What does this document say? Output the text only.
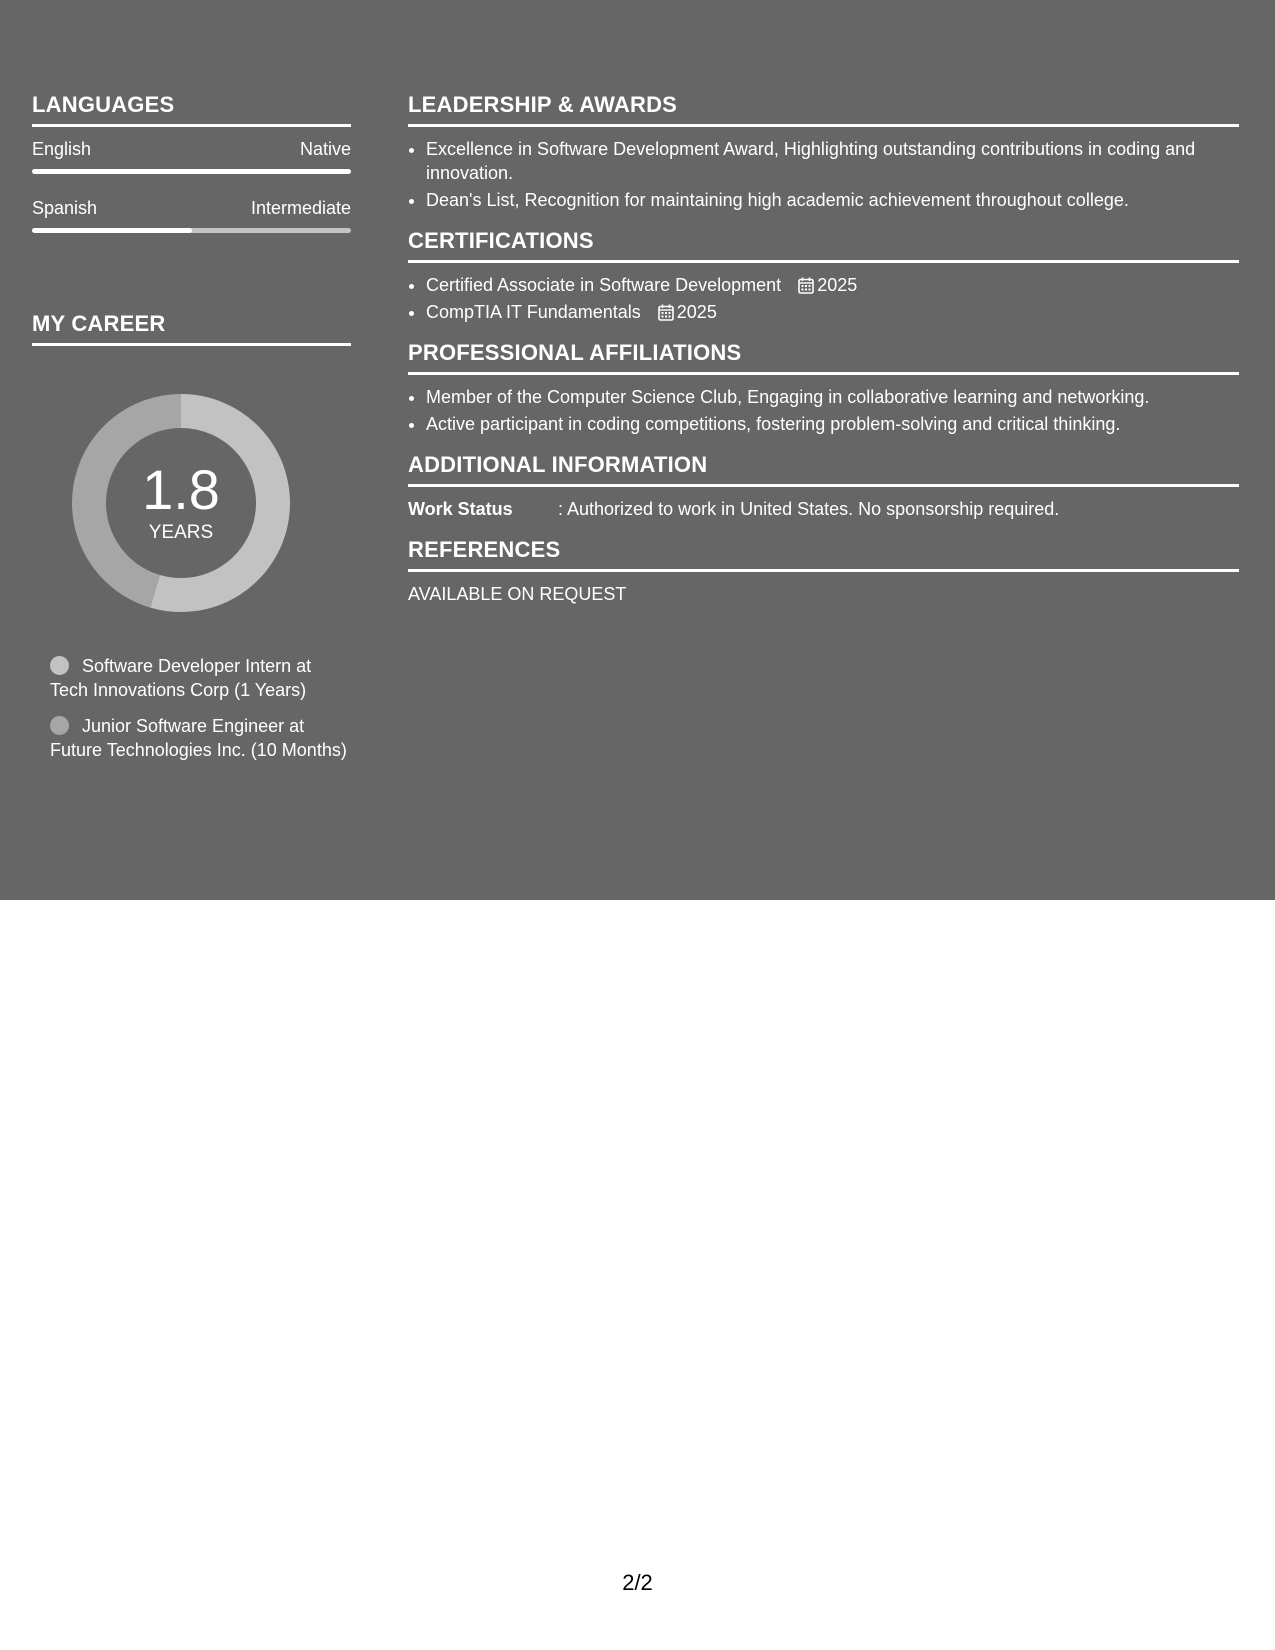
LANGUAGES
English	Native
Spanish	Intermediate
MY CAREER
1.8
YEARS
Software Developer Intern at Tech Innovations Corp (1 Years)
Junior Software Engineer at Future Technologies Inc. (10 Months)
LEADERSHIP & AWARDS
• Excellence in Software Development Award, Highlighting outstanding contributions in coding and innovation.
• Dean's List, Recognition for maintaining high academic achievement throughout college.
CERTIFICATIONS
• Certified Associate in Software Development 2025
• CompTIA IT Fundamentals 2025
PROFESSIONAL AFFILIATIONS
• Member of the Computer Science Club, Engaging in collaborative learning and networking.
• Active participant in coding competitions, fostering problem-solving and critical thinking.
ADDITIONAL INFORMATION
Work Status	: Authorized to work in United States. No sponsorship required.
REFERENCES
AVAILABLE ON REQUEST
2/2
